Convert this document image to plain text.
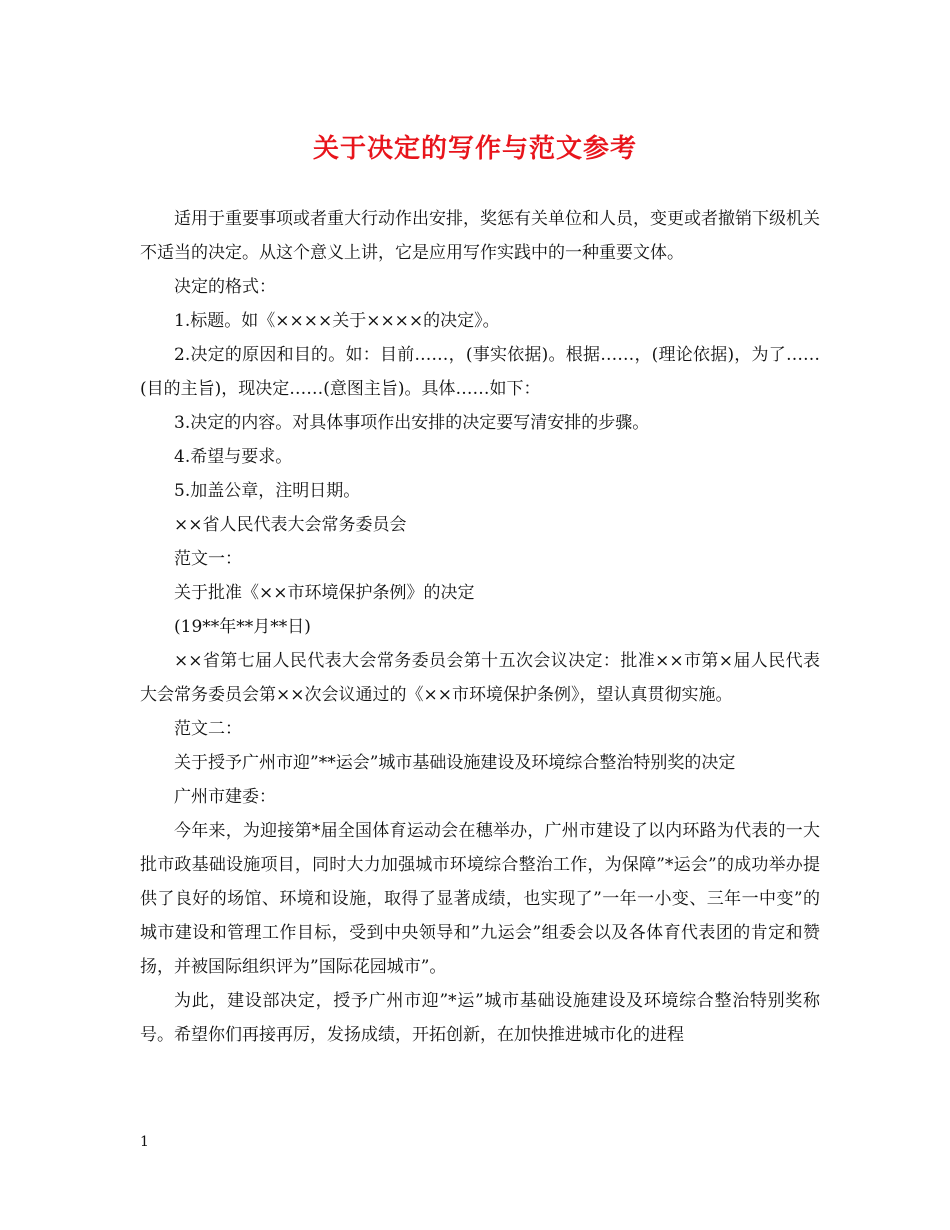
关于决定的写作与范文参考

适用于重要事项或者重大行动作出安排，奖惩有关单位和人员，变更或者撤销下级机关不适当的决定。从这个意义上讲，它是应用写作实践中的一种重要文体。

决定的格式：

1.标题。如《××××关于××××的决定》。

2.决定的原因和目的。如：目前……，(事实依据)。根据……，(理论依据)，为了……(目的主旨)，现决定……(意图主旨)。具体……如下：

3.决定的内容。对具体事项作出安排的决定要写清安排的步骤。

4.希望与要求。

5.加盖公章，注明日期。

××省人民代表大会常务委员会

范文一：

关于批准《××市环境保护条例》的决定

(19**年**月**日)

××省第七届人民代表大会常务委员会第十五次会议决定：批准××市第×届人民代表大会常务委员会第××次会议通过的《××市环境保护条例》，望认真贯彻实施。

范文二：

关于授予广州市迎”**运会”城市基础设施建设及环境综合整治特别奖的决定

广州市建委：

今年来，为迎接第*届全国体育运动会在穗举办，广州市建设了以内环路为代表的一大批市政基础设施项目，同时大力加强城市环境综合整治工作，为保障”*运会”的成功举办提供了良好的场馆、环境和设施，取得了显著成绩，也实现了”一年一小变、三年一中变”的城市建设和管理工作目标，受到中央领导和”九运会”组委会以及各体育代表团的肯定和赞扬，并被国际组织评为”国际花园城市”。

为此，建设部决定，授予广州市迎”*运”城市基础设施建设及环境综合整治特别奖称号。希望你们再接再厉，发扬成绩，开拓创新，在加快推进城市化的进程

1
